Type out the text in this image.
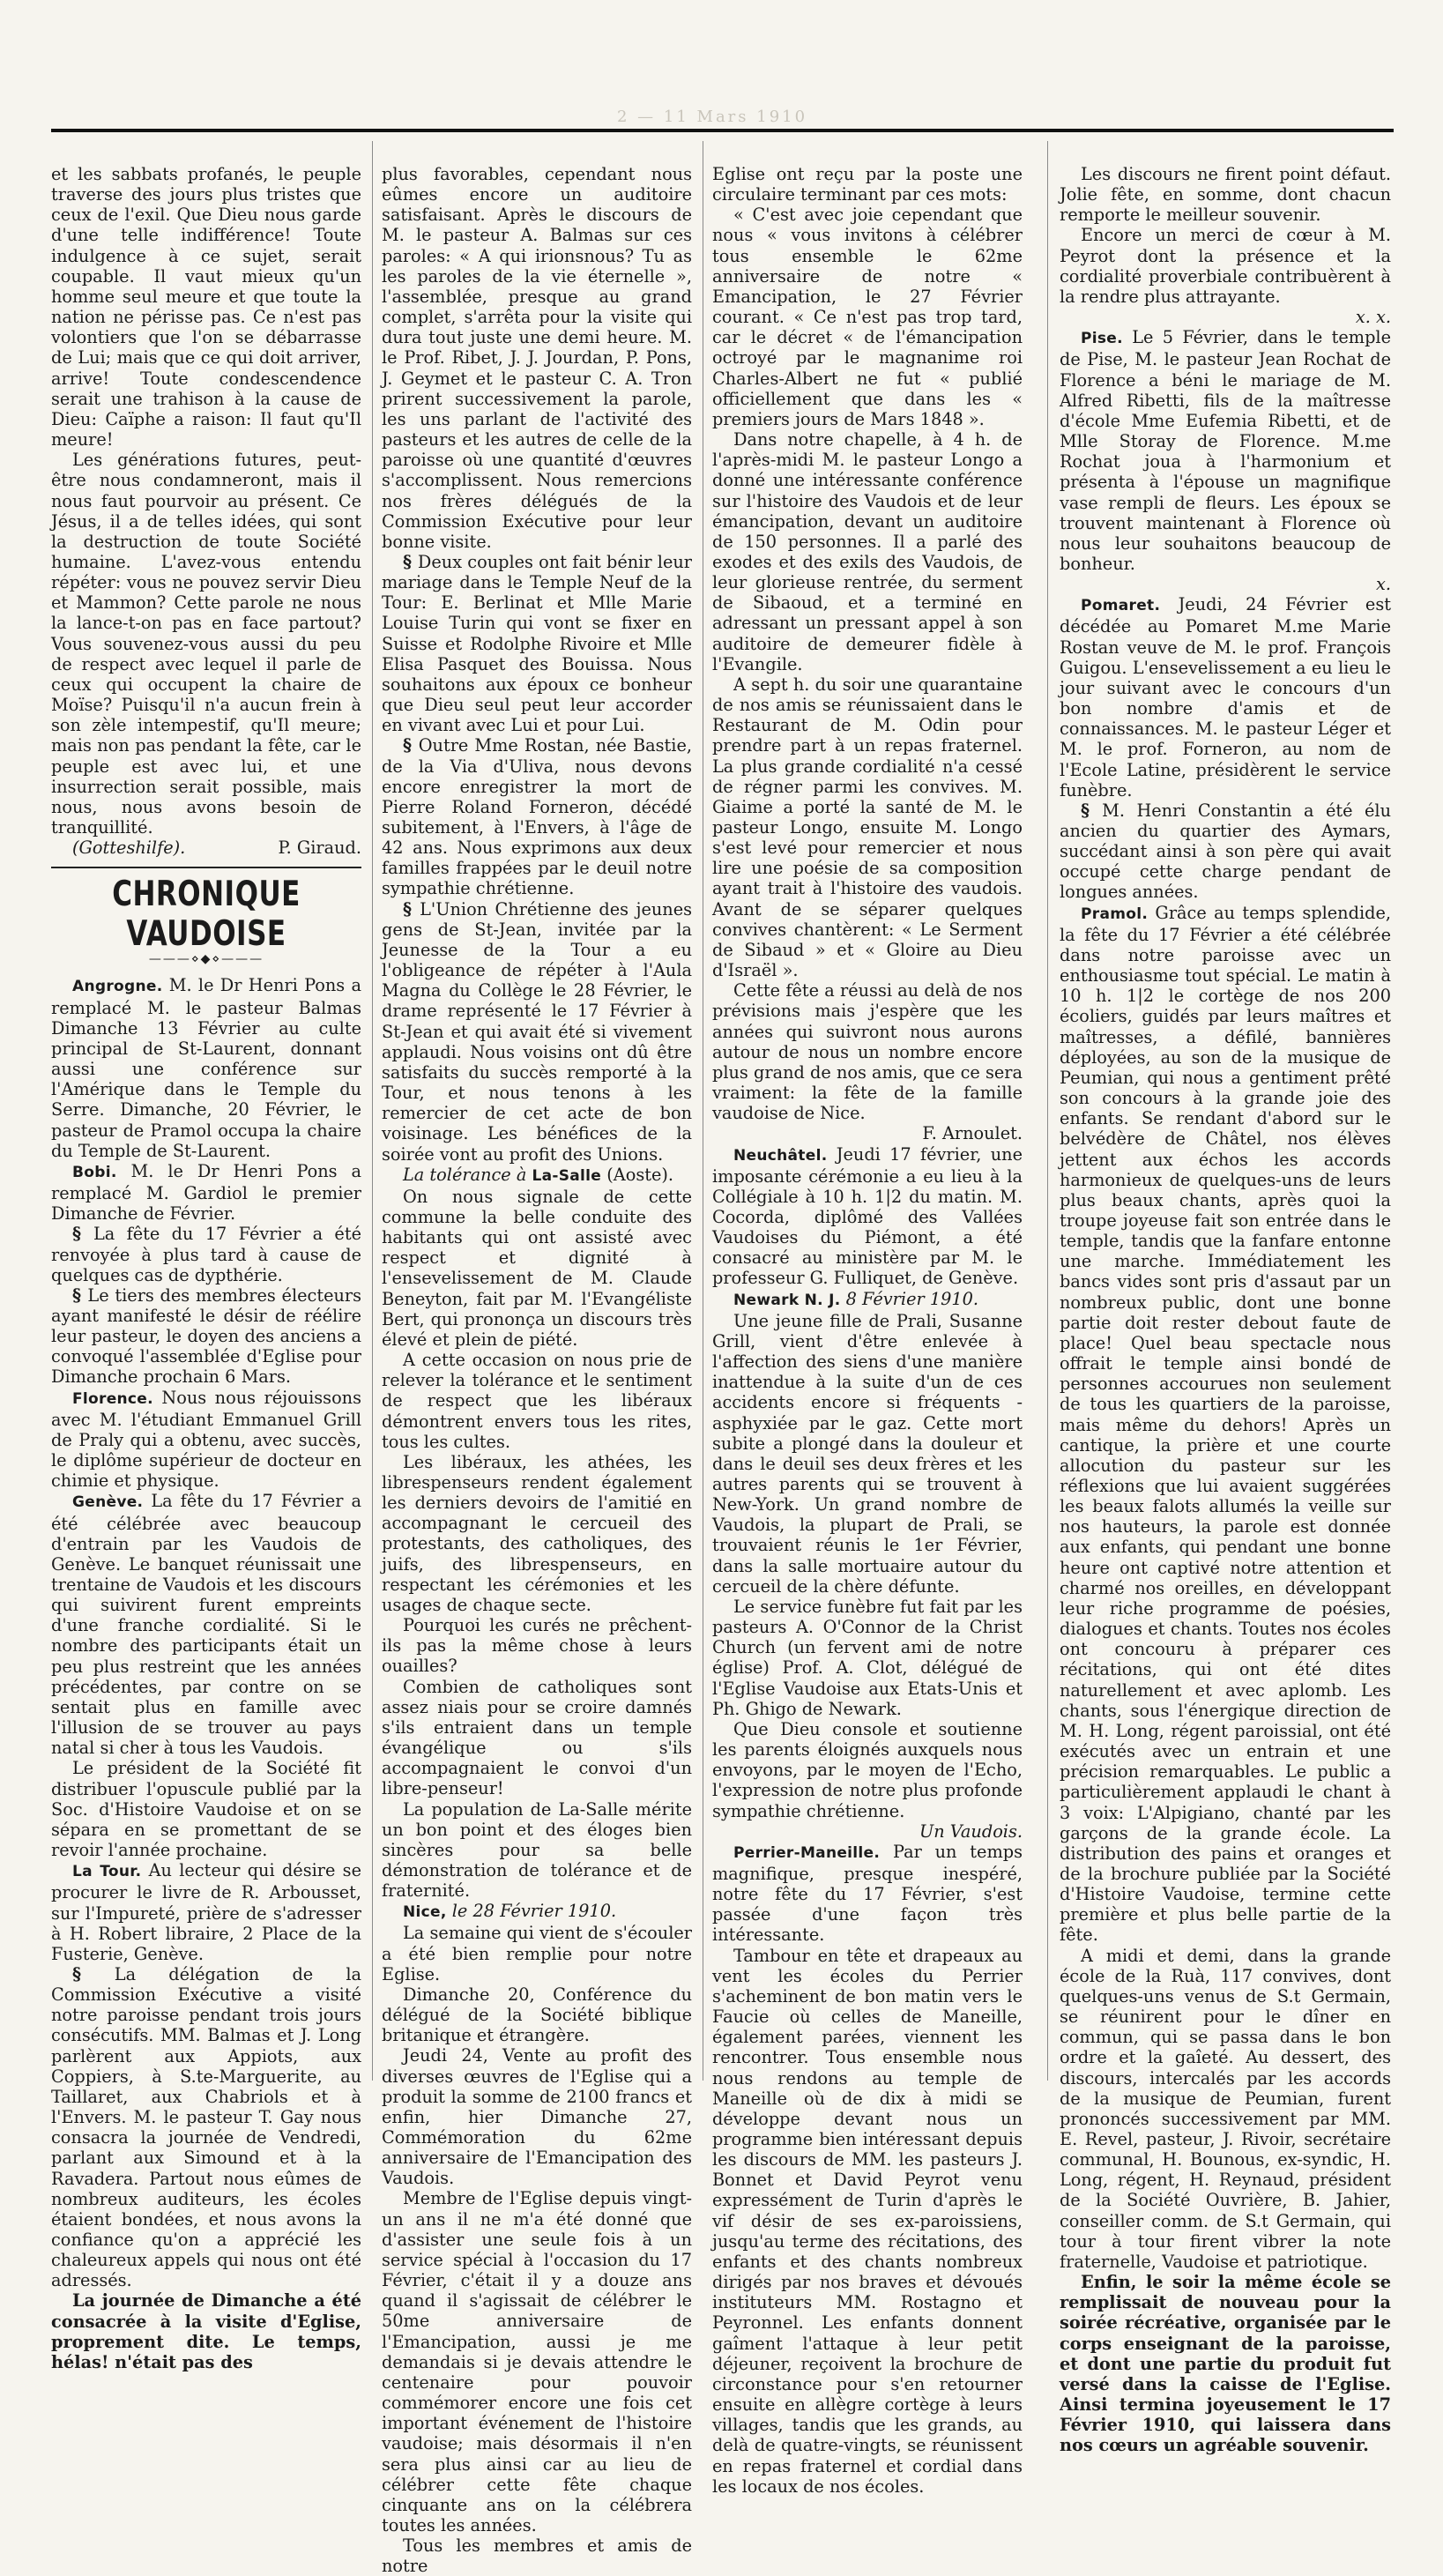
2 — 11 Mars 1910

et les sabbats profanés, le peuple traverse des jours plus tristes que ceux de l'exil. Que Dieu nous garde d'une telle indifférence! Toute indulgence à ce sujet, serait coupable. Il vaut mieux qu'un homme seul meure et que toute la nation ne périsse pas. Ce n'est pas volontiers que l'on se débarrasse de Lui; mais que ce qui doit arriver, arrive! Toute condescendence serait une trahison à la cause de Dieu: Caïphe a raison: Il faut qu'Il meure!

Les générations futures, peut-être nous condamneront, mais il nous faut pourvoir au présent. Ce Jésus, il a de telles idées, qui sont la destruction de toute Société humaine. L'avez-vous entendu répéter: vous ne pouvez servir Dieu et Mammon? Cette parole ne nous la lance-t-on pas en face partout? Vous souvenez-vous aussi du peu de respect avec lequel il parle de ceux qui occupent la chaire de Moïse? Puisqu'il n'a aucun frein à son zèle intempestif, qu'Il meure; mais non pas pendant la fête, car le peuple est avec lui, et une insurrection serait possible, mais nous, nous avons besoin de tranquillité.

(Gotteshilfe).	P. Giraud.

CHRONIQUE VAUDOISE
———⋄◆⋄———

Angrogne. M. le Dr Henri Pons a remplacé M. le pasteur Balmas Dimanche 13 Février au culte principal de St-Laurent, donnant aussi une conférence sur l'Amérique dans le Temple du Serre. Dimanche, 20 Février, le pasteur de Pramol occupa la chaire du Temple de St-Laurent.

Bobi. M. le Dr Henri Pons a remplacé M. Gardiol le premier Dimanche de Février.

§ La fête du 17 Février a été renvoyée à plus tard à cause de quelques cas de dypthérie.

§ Le tiers des membres électeurs ayant manifesté le désir de réélire leur pasteur, le doyen des anciens a convoqué l'assemblée d'Eglise pour Dimanche prochain 6 Mars.

Florence. Nous nous réjouissons avec M. l'étudiant Emmanuel Grill de Praly qui a obtenu, avec succès, le diplôme supérieur de docteur en chimie et physique.

Genève. La fête du 17 Février a été célébrée avec beaucoup d'entrain par les Vaudois de Genève. Le banquet réunissait une trentaine de Vaudois et les discours qui suivirent furent empreints d'une franche cordialité. Si le nombre des participants était un peu plus restreint que les années précédentes, par contre on se sentait plus en famille avec l'illusion de se trouver au pays natal si cher à tous les Vaudois.

Le président de la Société fit distribuer l'opuscule publié par la Soc. d'Histoire Vaudoise et on se sépara en se promettant de se revoir l'année prochaine.

La Tour. Au lecteur qui désire se procurer le livre de R. Arbousset, sur l'Impureté, prière de s'adresser à H. Robert libraire, 2 Place de la Fusterie, Genève.

§ La délégation de la Commission Exécutive a visité notre paroisse pendant trois jours consécutifs. MM. Balmas et J. Long parlèrent aux Appiots, aux Coppiers, à S.te-Marguerite, au Taillaret, aux Chabriols et à l'Envers. M. le pasteur T. Gay nous consacra la journée de Vendredi, parlant aux Simound et à la Ravadera. Partout nous eûmes de nombreux auditeurs, les écoles étaient bondées, et nous avons la confiance qu'on a apprécié les chaleureux appels qui nous ont été adressés.

La journée de Dimanche a été consacrée à la visite d'Eglise, proprement dite. Le temps, hélas! n'était pas des

plus favorables, cependant nous eûmes encore un auditoire satisfaisant. Après le discours de M. le pasteur A. Balmas sur ces paroles: « A qui irionsnous? Tu as les paroles de la vie éternelle », l'assemblée, presque au grand complet, s'arrêta pour la visite qui dura tout juste une demi heure. M. le Prof. Ribet, J. J. Jourdan, P. Pons, J. Geymet et le pasteur C. A. Tron prirent successivement la parole, les uns parlant de l'activité des pasteurs et les autres de celle de la paroisse où une quantité d'œuvres s'accomplissent. Nous remercions nos frères délégués de la Commission Exécutive pour leur bonne visite.

§ Deux couples ont fait bénir leur mariage dans le Temple Neuf de la Tour: E. Berlinat et Mlle Marie Louise Turin qui vont se fixer en Suisse et Rodolphe Rivoire et Mlle Elisa Pasquet des Bouissa. Nous souhaitons aux époux ce bonheur que Dieu seul peut leur accorder en vivant avec Lui et pour Lui.

§ Outre Mme Rostan, née Bastie, de la Via d'Uliva, nous devons encore enregistrer la mort de Pierre Roland Forneron, décédé subitement, à l'Envers, à l'âge de 42 ans. Nous exprimons aux deux familles frappées par le deuil notre sympathie chrétienne.

§ L'Union Chrétienne des jeunes gens de St-Jean, invitée par la Jeunesse de la Tour a eu l'obligeance de répéter à l'Aula Magna du Collège le 28 Février, le drame représenté le 17 Février à St-Jean et qui avait été si vivement applaudi. Nous voisins ont dû être satisfaits du succès remporté à la Tour, et nous tenons à les remercier de cet acte de bon voisinage. Les bénéfices de la soirée vont au profit des Unions.

La tolérance à La-Salle (Aoste).

On nous signale de cette commune la belle conduite des habitants qui ont assisté avec respect et dignité à l'ensevelissement de M. Claude Beneyton, fait par M. l'Evangéliste Bert, qui prononça un discours très élevé et plein de piété.

A cette occasion on nous prie de relever la tolérance et le sentiment de respect que les libéraux démontrent envers tous les rites, tous les cultes.

Les libéraux, les athées, les librespenseurs rendent également les derniers devoirs de l'amitié en accompagnant le cercueil des protestants, des catholiques, des juifs, des librespenseurs, en respectant les cérémonies et les usages de chaque secte.

Pourquoi les curés ne prêchent-ils pas la même chose à leurs ouailles?

Combien de catholiques sont assez niais pour se croire damnés s'ils entraient dans un temple évangélique ou s'ils accompagnaient le convoi d'un libre-penseur!

La population de La-Salle mérite un bon point et des éloges bien sincères pour sa belle démonstration de tolérance et de fraternité.

Nice, le 28 Février 1910.

La semaine qui vient de s'écouler a été bien remplie pour notre Eglise.

Dimanche 20, Conférence du délégué de la Société biblique britanique et étrangère.

Jeudi 24, Vente au profit des diverses œuvres de l'Eglise qui a produit la somme de 2100 francs et enfin, hier Dimanche 27, Commémoration du 62me anniversaire de l'Emancipation des Vaudois.

Membre de l'Eglise depuis vingt-un ans il ne m'a été donné que d'assister une seule fois à un service spécial à l'occasion du 17 Février, c'était il y a douze ans quand il s'agissait de célébrer le 50me anniversaire de l'Emancipation, aussi je me demandais si je devais attendre le centenaire pour pouvoir commémorer encore une fois cet important événement de l'histoire vaudoise; mais désormais il n'en sera plus ainsi car au lieu de célébrer cette fête chaque cinquante ans on la célébrera toutes les années.

Tous les membres et amis de notre

Eglise ont reçu par la poste une circulaire terminant par ces mots:

« C'est avec joie cependant que nous « vous invitons à célébrer tous ensemble le 62me anniversaire de notre « Emancipation, le 27 Février courant. « Ce n'est pas trop tard, car le décret « de l'émancipation octroyé par le magnanime roi Charles-Albert ne fut « publié officiellement que dans les « premiers jours de Mars 1848 ».

Dans notre chapelle, à 4 h. de l'après-midi M. le pasteur Longo a donné une intéressante conférence sur l'histoire des Vaudois et de leur émancipation, devant un auditoire de 150 personnes. Il a parlé des exodes et des exils des Vaudois, de leur glorieuse rentrée, du serment de Sibaoud, et a terminé en adressant un pressant appel à son auditoire de demeurer fidèle à l'Evangile.

A sept h. du soir une quarantaine de nos amis se réunissaient dans le Restaurant de M. Odin pour prendre part à un repas fraternel. La plus grande cordialité n'a cessé de régner parmi les convives. M. Giaime a porté la santé de M. le pasteur Longo, ensuite M. Longo s'est levé pour remercier et nous lire une poésie de sa composition ayant trait à l'histoire des vaudois. Avant de se séparer quelques convives chantèrent: « Le Serment de Sibaud » et « Gloire au Dieu d'Israël ».

Cette fête a réussi au delà de nos prévisions mais j'espère que les années qui suivront nous aurons autour de nous un nombre encore plus grand de nos amis, que ce sera vraiment: la fête de la famille vaudoise de Nice.

F. Arnoulet.

Neuchâtel. Jeudi 17 février, une imposante cérémonie a eu lieu à la Collégiale à 10 h. 1|2 du matin. M. Cocorda, diplômé des Vallées Vaudoises du Piémont, a été consacré au ministère par M. le professeur G. Fulliquet, de Genève.

Newark N. J. 8 Février 1910.

Une jeune fille de Prali, Susanne Grill, vient d'être enlevée à l'affection des siens d'une manière inattendue à la suite d'un de ces accidents encore si fréquents - asphyxiée par le gaz. Cette mort subite a plongé dans la douleur et dans le deuil ses deux frères et les autres parents qui se trouvent à New-York. Un grand nombre de Vaudois, la plupart de Prali, se trouvaient réunis le 1er Février, dans la salle mortuaire autour du cercueil de la chère défunte.

Le service funèbre fut fait par les pasteurs A. O'Connor de la Christ Church (un fervent ami de notre église) Prof. A. Clot, délégué de l'Eglise Vaudoise aux Etats-Unis et Ph. Ghigo de Newark.

Que Dieu console et soutienne les parents éloignés auxquels nous envoyons, par le moyen de l'Echo, l'expression de notre plus profonde sympathie chrétienne.

Un Vaudois.

Perrier-Maneille. Par un temps magnifique, presque inespéré, notre fête du 17 Février, s'est passée d'une façon très intéressante.

Tambour en tête et drapeaux au vent les écoles du Perrier s'acheminent de bon matin vers le Faucie où celles de Maneille, également parées, viennent les rencontrer. Tous ensemble nous nous rendons au temple de Maneille où de dix à midi se développe devant nous un programme bien intéressant depuis les discours de MM. les pasteurs J. Bonnet et David Peyrot venu expressément de Turin d'après le vif désir de ses ex-paroissiens, jusqu'au terme des récitations, des enfants et des chants nombreux dirigés par nos braves et dévoués instituteurs MM. Rostagno et Peyronnel. Les enfants donnent gaîment l'attaque à leur petit déjeuner, reçoivent la brochure de circonstance pour s'en retourner ensuite en allègre cortège à leurs villages, tandis que les grands, au delà de quatre-vingts, se réunissent en repas fraternel et cordial dans les locaux de nos écoles.

Les discours ne firent point défaut. Jolie fête, en somme, dont chacun remporte le meilleur souvenir.

Encore un merci de cœur à M. Peyrot dont la présence et la cordialité proverbiale contribuèrent à la rendre plus attrayante.

x. x.

Pise. Le 5 Février, dans le temple de Pise, M. le pasteur Jean Rochat de Florence a béni le mariage de M. Alfred Ribetti, fils de la maîtresse d'école Mme Eufemia Ribetti, et de Mlle Storay de Florence. M.me Rochat joua à l'harmonium et présenta à l'épouse un magnifique vase rempli de fleurs. Les époux se trouvent maintenant à Florence où nous leur souhaitons beaucoup de bonheur.

x.

Pomaret. Jeudi, 24 Février est décédée au Pomaret M.me Marie Rostan veuve de M. le prof. François Guigou. L'ensevelissement a eu lieu le jour suivant avec le concours d'un bon nombre d'amis et de connaissances. M. le pasteur Léger et M. le prof. Forneron, au nom de l'Ecole Latine, présidèrent le service funèbre.

§ M. Henri Constantin a été élu ancien du quartier des Aymars, succédant ainsi à son père qui avait occupé cette charge pendant de longues années.

Pramol. Grâce au temps splendide, la fête du 17 Février a été célébrée dans notre paroisse avec un enthousiasme tout spécial. Le matin à 10 h. 1|2 le cortège de nos 200 écoliers, guidés par leurs maîtres et maîtresses, a défilé, bannières déployées, au son de la musique de Peumian, qui nous a gentiment prêté son concours à la grande joie des enfants. Se rendant d'abord sur le belvédère de Châtel, nos élèves jettent aux échos les accords harmonieux de quelques-uns de leurs plus beaux chants, après quoi la troupe joyeuse fait son entrée dans le temple, tandis que la fanfare entonne une marche. Immédiatement les bancs vides sont pris d'assaut par un nombreux public, dont une bonne partie doit rester debout faute de place! Quel beau spectacle nous offrait le temple ainsi bondé de personnes accourues non seulement de tous les quartiers de la paroisse, mais même du dehors! Après un cantique, la prière et une courte allocution du pasteur sur les réflexions que lui avaient suggérées les beaux falots allumés la veille sur nos hauteurs, la parole est donnée aux enfants, qui pendant une bonne heure ont captivé notre attention et charmé nos oreilles, en développant leur riche programme de poésies, dialogues et chants. Toutes nos écoles ont concouru à préparer ces récitations, qui ont été dites naturellement et avec aplomb. Les chants, sous l'énergique direction de M. H. Long, régent paroissial, ont été exécutés avec un entrain et une précision remarquables. Le public a particulièrement applaudi le chant à 3 voix: L'Alpigiano, chanté par les garçons de la grande école. La distribution des pains et oranges et de la brochure publiée par la Société d'Histoire Vaudoise, termine cette première et plus belle partie de la fête.

A midi et demi, dans la grande école de la Ruà, 117 convives, dont quelques-uns venus de S.t Germain, se réunirent pour le dîner en commun, qui se passa dans le bon ordre et la gaîeté. Au dessert, des discours, intercalés par les accords de la musique de Peumian, furent prononcés successivement par MM. E. Revel, pasteur, J. Rivoir, secrétaire communal, H. Bounous, ex-syndic, H. Long, régent, H. Reynaud, président de la Société Ouvrière, B. Jahier, conseiller comm. de S.t Germain, qui tour à tour firent vibrer la note fraternelle, Vaudoise et patriotique.

Enfin, le soir la même école se remplissait de nouveau pour la soirée récréative, organisée par le corps enseignant de la paroisse, et dont une partie du produit fut versé dans la caisse de l'Eglise. Ainsi termina joyeusement le 17 Février 1910, qui laissera dans nos cœurs un agréable souvenir.
